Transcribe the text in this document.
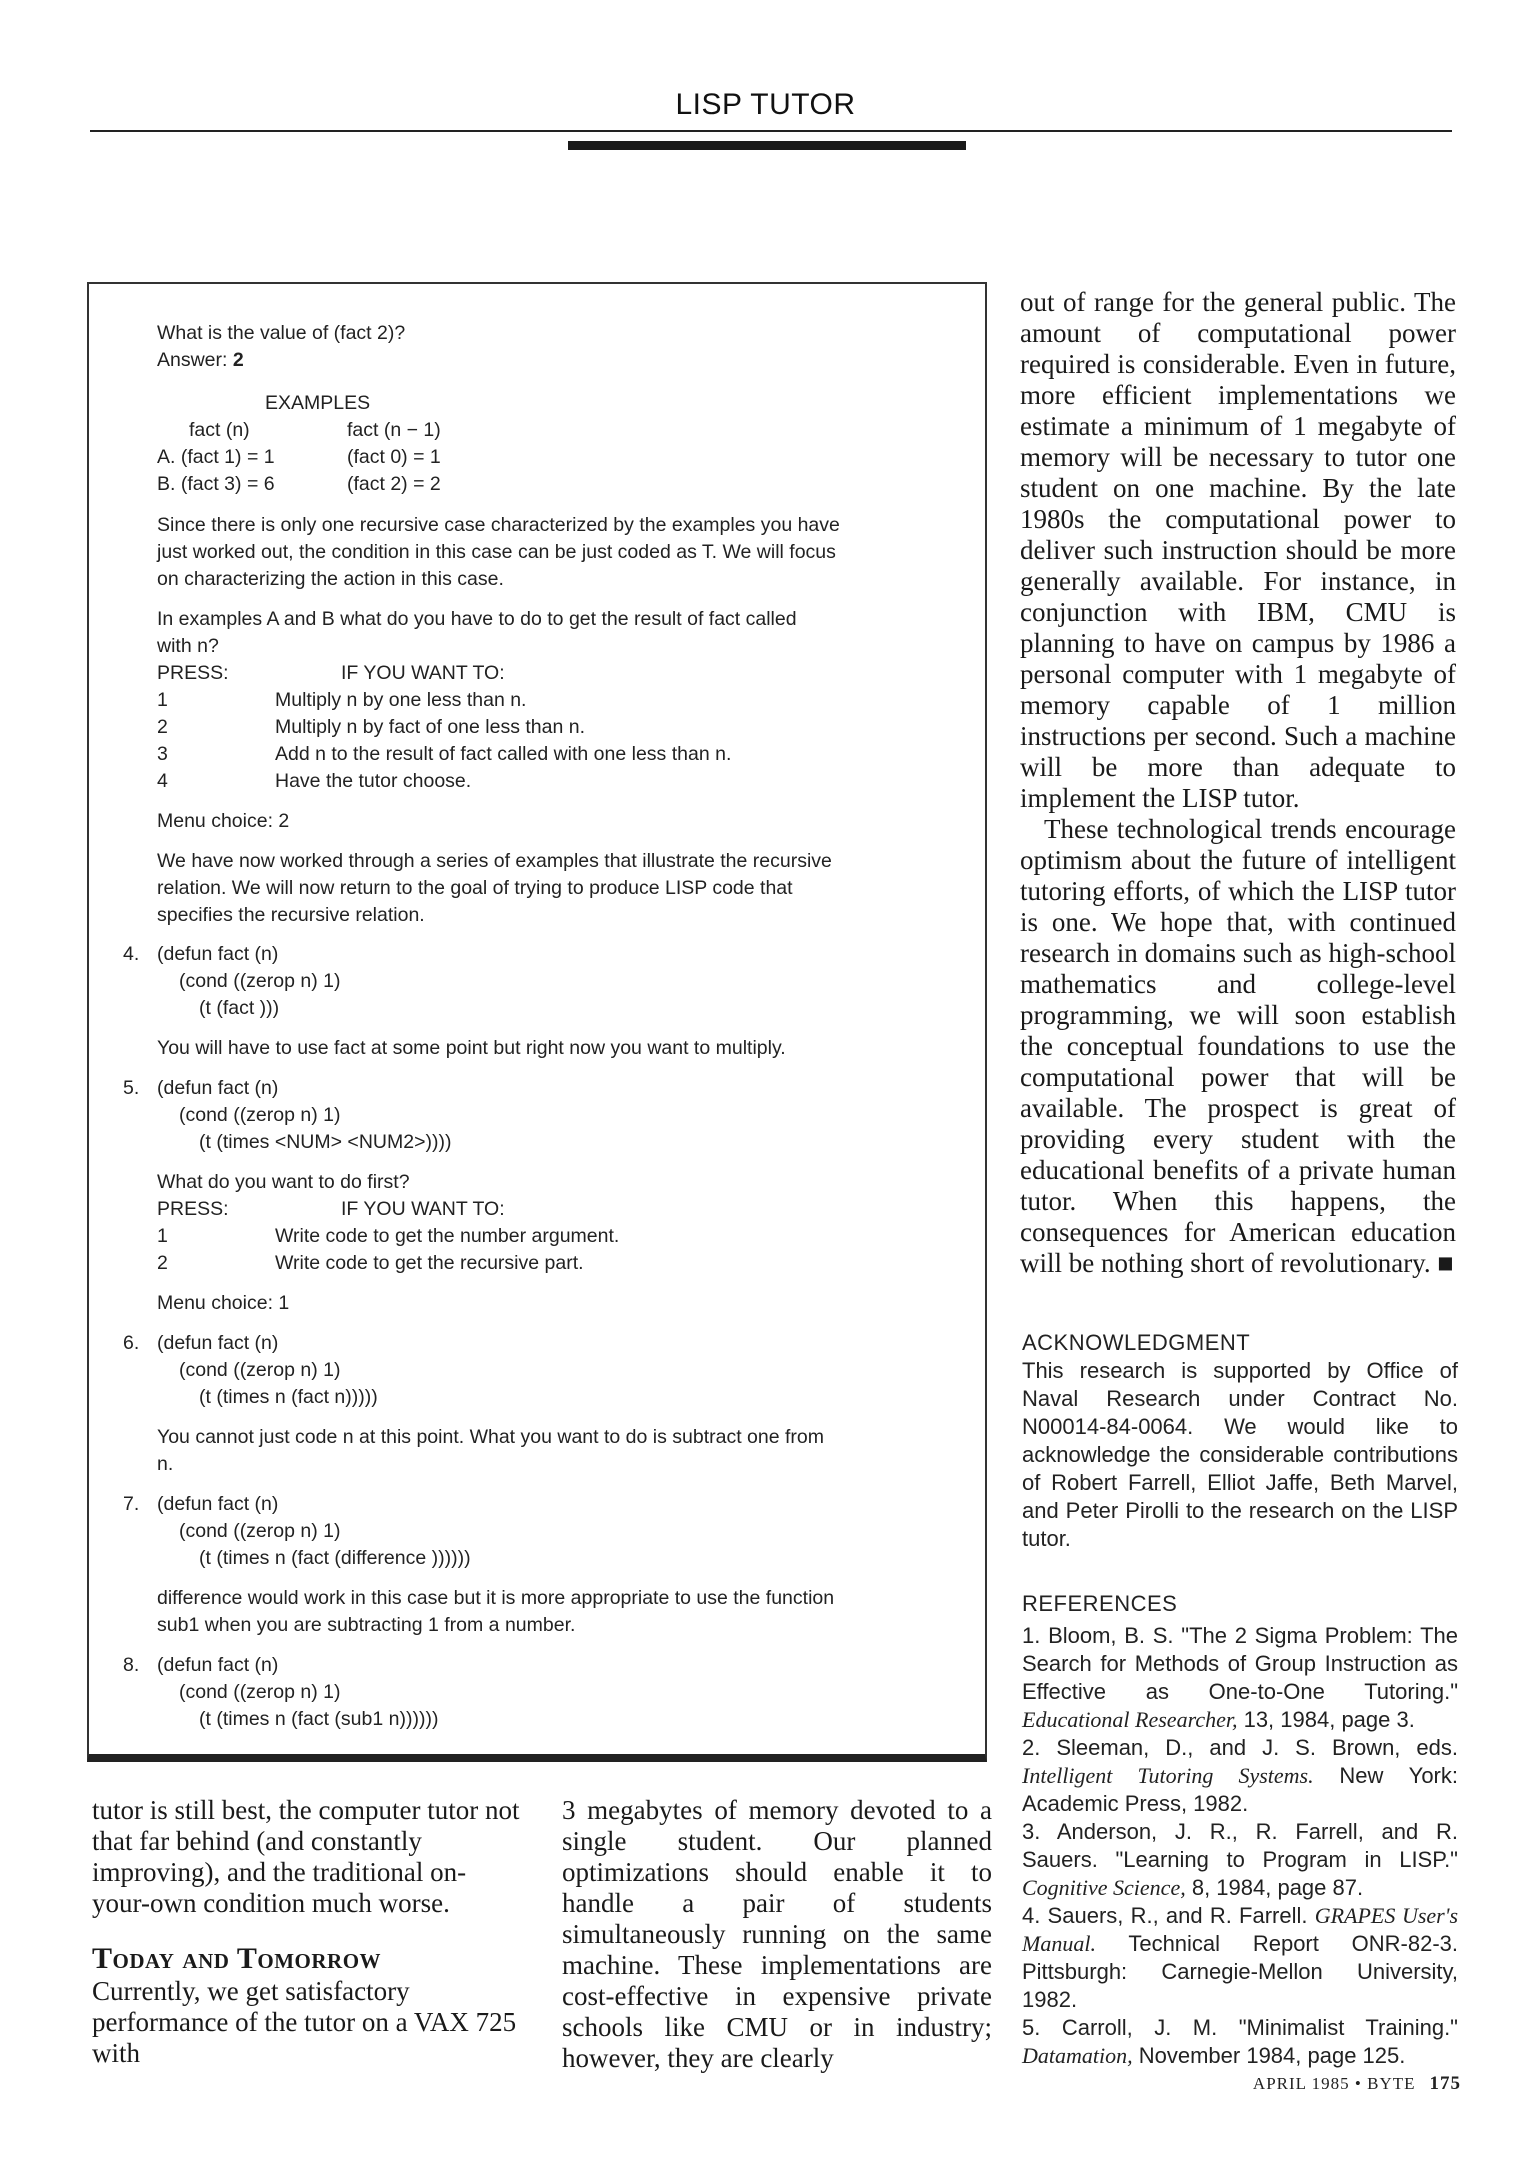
LISP TUTOR
What is the value of (fact 2)?
Answer: 2
EXAMPLES
fact (n)	fact (n − 1)
A. (fact 1) = 1	(fact 0) = 1
B. (fact 3) = 6	(fact 2) = 2
Since there is only one recursive case characterized by the examples you have
just worked out, the condition in this case can be just coded as T. We will focus
on characterizing the action in this case.
In examples A and B what do you have to do to get the result of fact called
with n?
PRESS:	IF YOU WANT TO:
1	Multiply n by one less than n.
2	Multiply n by fact of one less than n.
3	Add n to the result of fact called with one less than n.
4	Have the tutor choose.
Menu choice: 2
We have now worked through a series of examples that illustrate the recursive
relation. We will now return to the goal of trying to produce LISP code that
specifies the recursive relation.
4. (defun fact (n)
(cond ((zerop n) 1)
(t (fact )))
You will have to use fact at some point but right now you want to multiply.
5. (defun fact (n)
(cond ((zerop n) 1)
(t (times <NUM> <NUM2>))))
What do you want to do first?
PRESS:	IF YOU WANT TO:
1	Write code to get the number argument.
2	Write code to get the recursive part.
Menu choice: 1
6. (defun fact (n)
(cond ((zerop n) 1)
(t (times n (fact n)))))
You cannot just code n at this point. What you want to do is subtract one from
n.
7. (defun fact (n)
(cond ((zerop n) 1)
(t (times n (fact (difference ))))))
difference would work in this case but it is more appropriate to use the function
sub1 when you are subtracting 1 from a number.
8. (defun fact (n)
(cond ((zerop n) 1)
(t (times n (fact (sub1 n))))))

tutor is still best, the computer tutor not that far behind (and constantly improving), and the traditional on-your-own condition much worse.

Today and Tomorrow

Currently, we get satisfactory performance of the tutor on a VAX 725 with

3 megabytes of memory devoted to a single student. Our planned optimizations should enable it to handle a pair of students simultaneously running on the same machine. These implementations are cost-effective in expensive private schools like CMU or in industry; however, they are clearly

out of range for the general public. The amount of computational power required is considerable. Even in future, more efficient implementations we estimate a minimum of 1 megabyte of memory will be necessary to tutor one student on one machine. By the late 1980s the computational power to deliver such instruction should be more generally available. For instance, in conjunction with IBM, CMU is planning to have on campus by 1986 a personal computer with 1 megabyte of memory capable of 1 million instructions per second. Such a machine will be more than adequate to implement the LISP tutor.

These technological trends encourage optimism about the future of intelligent tutoring efforts, of which the LISP tutor is one. We hope that, with continued research in domains such as high-school mathematics and college-level programming, we will soon establish the conceptual foundations to use the computational power that will be available. The prospect is great of providing every student with the educational benefits of a private human tutor. When this happens, the consequences for American education will be nothing short of revolutionary. ■

ACKNOWLEDGMENT

This research is supported by Office of Naval Research under Contract No. N00014-84-0064. We would like to acknowledge the considerable contributions of Robert Farrell, Elliot Jaffe, Beth Marvel, and Peter Pirolli to the research on the LISP tutor.

REFERENCES

1. Bloom, B. S. "The 2 Sigma Problem: The Search for Methods of Group Instruction as Effective as One-to-One Tutoring." Educational Researcher, 13, 1984, page 3.

2. Sleeman, D., and J. S. Brown, eds. Intelligent Tutoring Systems. New York: Academic Press, 1982.

3. Anderson, J. R., R. Farrell, and R. Sauers. "Learning to Program in LISP." Cognitive Science, 8, 1984, page 87.

4. Sauers, R., and R. Farrell. GRAPES User's Manual. Technical Report ONR-82-3. Pittsburgh: Carnegie-Mellon University, 1982.

5. Carroll, J. M. "Minimalist Training." Datamation, November 1984, page 125.

APRIL 1985 • BYTE 175
